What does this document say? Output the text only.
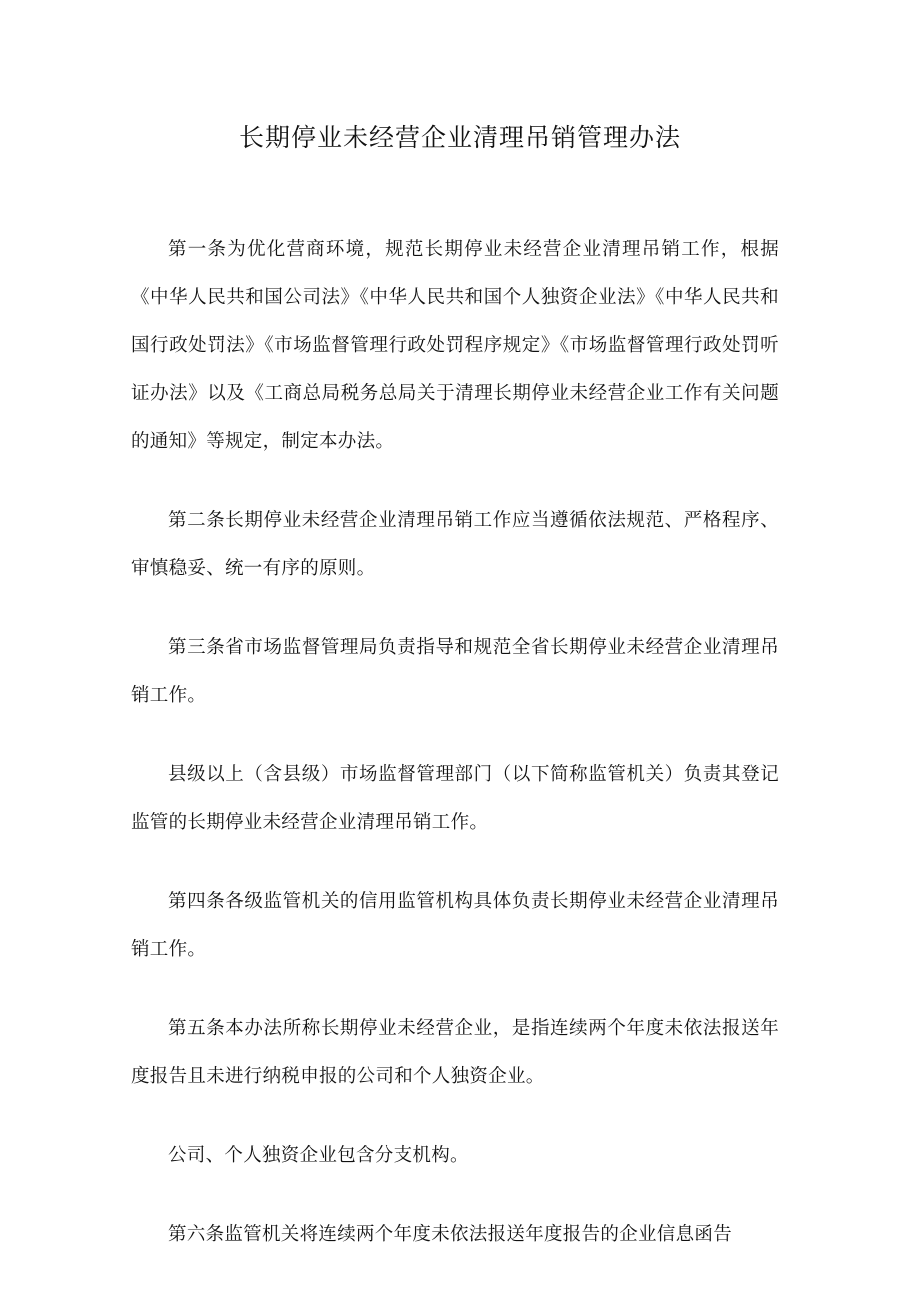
长期停业未经营企业清理吊销管理办法

第一条为优化营商环境，规范长期停业未经营企业清理吊销工作，根据《中华人民共和国公司法》《中华人民共和国个人独资企业法》《中华人民共和国行政处罚法》《市场监督管理行政处罚程序规定》《市场监督管理行政处罚听证办法》以及《工商总局税务总局关于清理长期停业未经营企业工作有关问题的通知》等规定，制定本办法。

第二条长期停业未经营企业清理吊销工作应当遵循依法规范、严格程序、审慎稳妥、统一有序的原则。

第三条省市场监督管理局负责指导和规范全省长期停业未经营企业清理吊销工作。

县级以上（含县级）市场监督管理部门（以下简称监管机关）负责其登记监管的长期停业未经营企业清理吊销工作。

第四条各级监管机关的信用监管机构具体负责长期停业未经营企业清理吊销工作。

第五条本办法所称长期停业未经营企业，是指连续两个年度未依法报送年度报告且未进行纳税申报的公司和个人独资企业。

公司、个人独资企业包含分支机构。

第六条监管机关将连续两个年度未依法报送年度报告的企业信息函告
